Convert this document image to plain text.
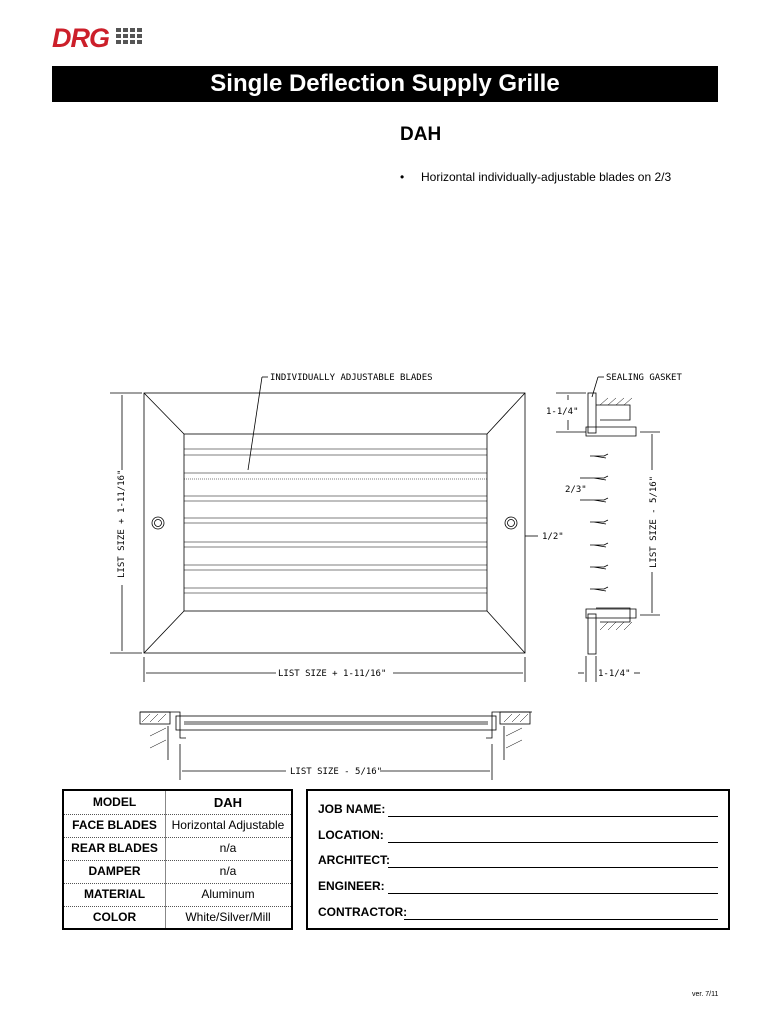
DRG
Single Deflection Supply Grille
DAH
• Horizontal individually-adjustable blades on 2/3
INDIVIDUALLY ADJUSTABLE BLADES	SEALING GASKET
1-1/4"
2/3"
1/2"
LIST SIZE + 1-11/16"	1-1/4"
LIST SIZE - 5/16"
LIST SIZE + 1-11/16"	LIST SIZE - 5/16"
MODEL	DAH
FACE BLADES	Horizontal Adjustable
REAR BLADES	n/a
DAMPER	n/a
MATERIAL	Aluminum
COLOR	White/Silver/Mill
JOB NAME:
LOCATION:
ARCHITECT:
ENGINEER:
CONTRACTOR:
ver. 7/11
